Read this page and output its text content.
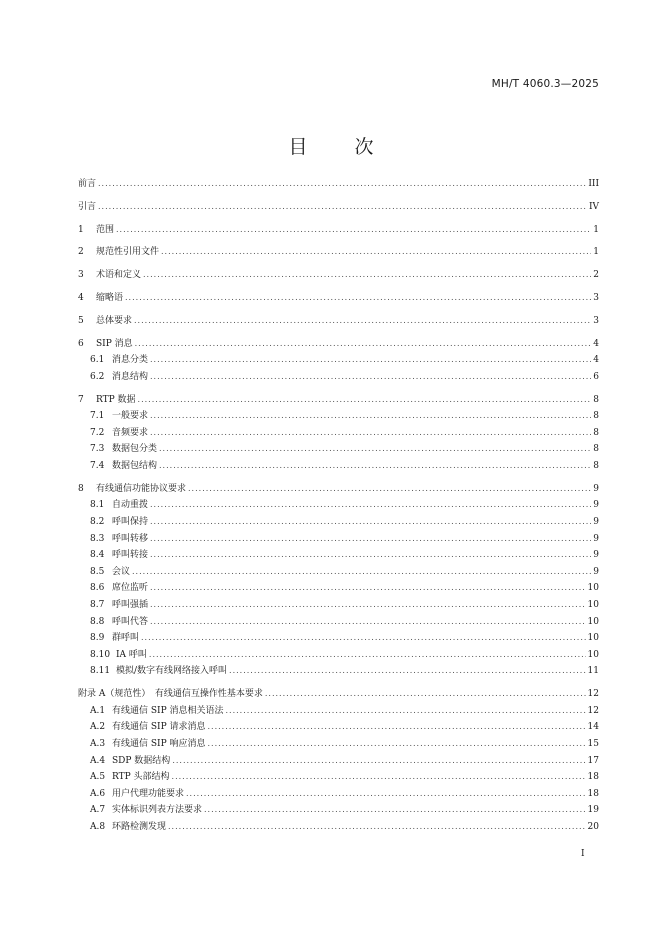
MH/T 4060.3—2025
目　次
前言 .....	III
引言 .....	IV
1 范围 .....	1
2 规范性引用文件 .....	1
3 术语和定义 .....	2
4 缩略语 .....	3
5 总体要求 .....	3
6 SIP 消息 .....	4
6.1 消息分类 .....	4
6.2 消息结构 .....	6
7 RTP 数据 .....	8
7.1 一般要求 .....	8
7.2 音频要求 .....	8
7.3 数据包分类 .....	8
7.4 数据包结构 .....	8
8 有线通信功能协议要求 .....	9
8.1 自动重拨 .....	9
8.2 呼叫保持 .....	9
8.3 呼叫转移 .....	9
8.4 呼叫转接 .....	9
8.5 会议 .....	9
8.6 席位监听 .....	10
8.7 呼叫强插 .....	10
8.8 呼叫代答 .....	10
8.9 群呼叫 .....	10
8.10 IA 呼叫 .....	10
8.11 模拟/数字有线网络接入呼叫 .....	11
附录 A（规范性）　有线通信互操作性基本要求 .....	12
A.1 有线通信 SIP 消息相关语法 .....	12
A.2 有线通信 SIP 请求消息 .....	14
A.3 有线通信 SIP 响应消息 .....	15
A.4 SDP 数据结构 .....	17
A.5 RTP 头部结构 .....	18
A.6 用户代理功能要求 .....	18
A.7 实体标识列表方法要求 .....	19
A.8 环路检测发现 .....	20
I
